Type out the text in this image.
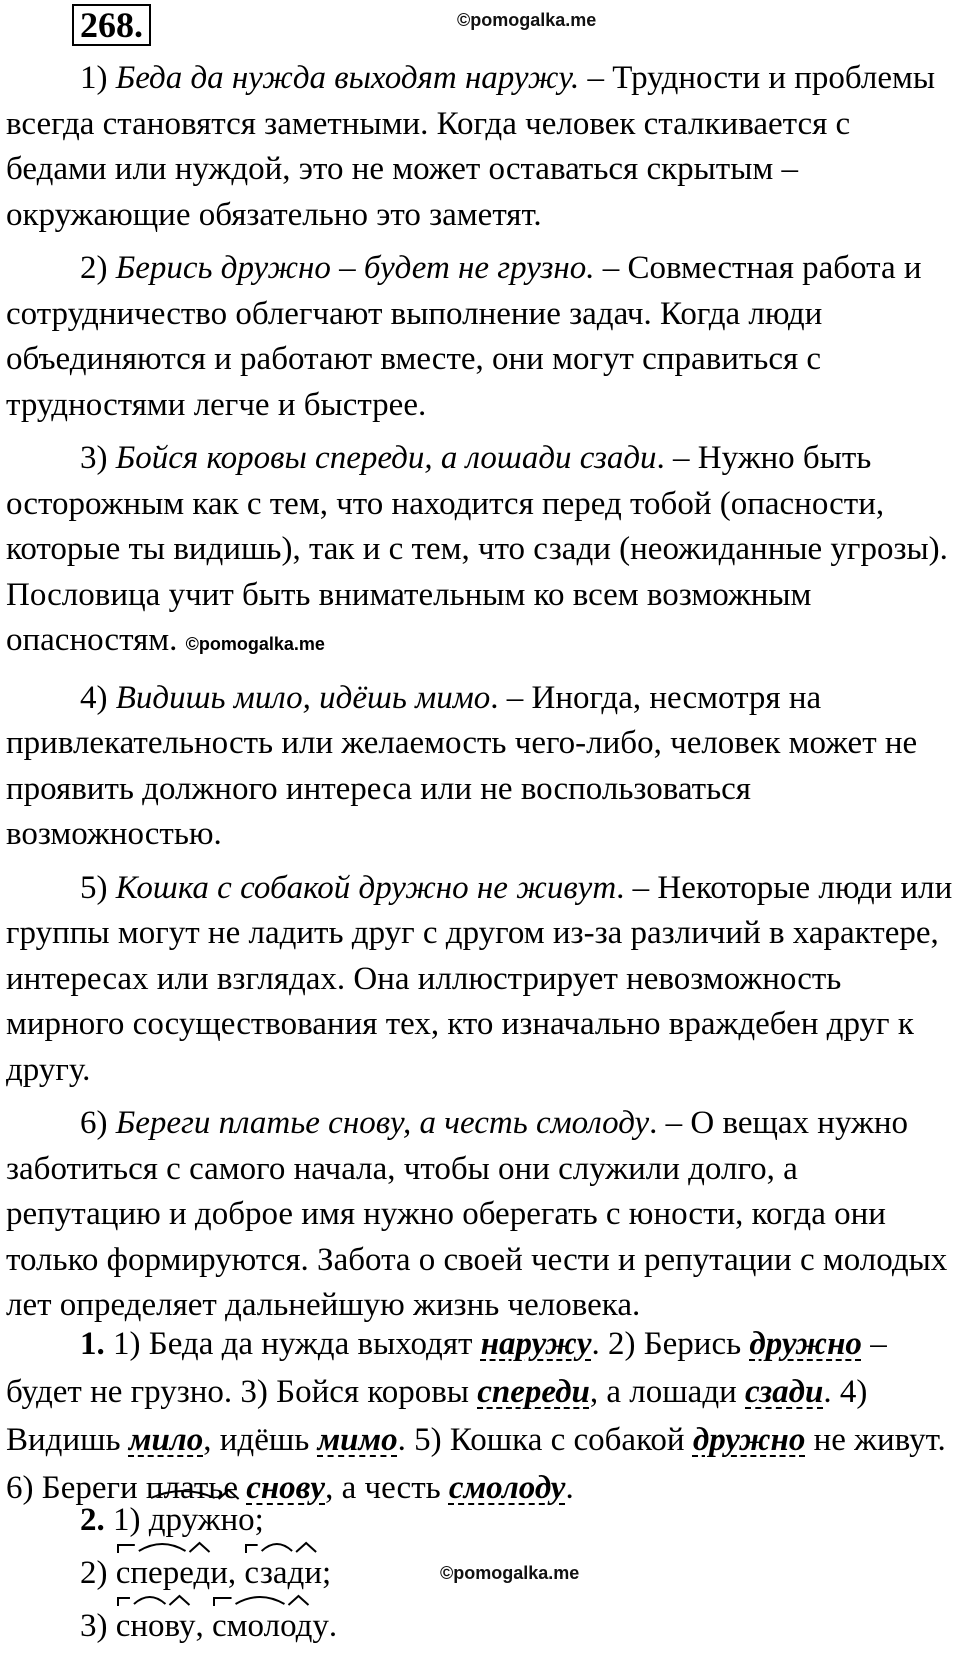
268.	©pomogalka.me

1) Беда да нужда выходят наружу. – Трудности и проблемы всегда становятся заметными. Когда человек сталкивается с бедами или нуждой, это не может оставаться скрытым – окружающие обязательно это заметят.

2) Берись дружно – будет не грузно. – Совместная работа и сотрудничество облегчают выполнение задач. Когда люди объединяются и работают вместе, они могут справиться с трудностями легче и быстрее.

3) Бойся коровы спереди, а лошади сзади. – Нужно быть осторожным как с тем, что находится перед тобой (опасности, которые ты видишь), так и с тем, что сзади (неожиданные угрозы). Пословица учит быть внимательным ко всем возможным опасностям. ©pomogalka.me

4) Видишь мило, идёшь мимо. – Иногда, несмотря на привлекательность или желаемость чего-либо, человек может не проявить должного интереса или не воспользоваться возможностью.

5) Кошка с собакой дружно не живут. – Некоторые люди или группы могут не ладить друг с другом из-за различий в характере, интересах или взглядах. Она иллюстрирует невозможность мирного сосуществования тех, кто изначально враждебен друг к другу.

6) Береги платье снову, а честь смолоду. – О вещах нужно заботиться с самого начала, чтобы они служили долго, а репутацию и доброе имя нужно оберегать с юности, когда они только формируются. Забота о своей чести и репутации с молодых лет определяет дальнейшую жизнь человека.

1. 1) Беда да нужда выходят наружу. 2) Берись дружно – будет не грузно. 3) Бойся коровы спереди, а лошади сзади. 4) Видишь мило, идёшь мимо. 5) Кошка с собакой дружно не живут. 6) Береги платье снову, а честь смолоду.

2. 1) дружно
;
2) спереди
, сзади
;
3) снову
, смолоду
.
©pomogalka.me
